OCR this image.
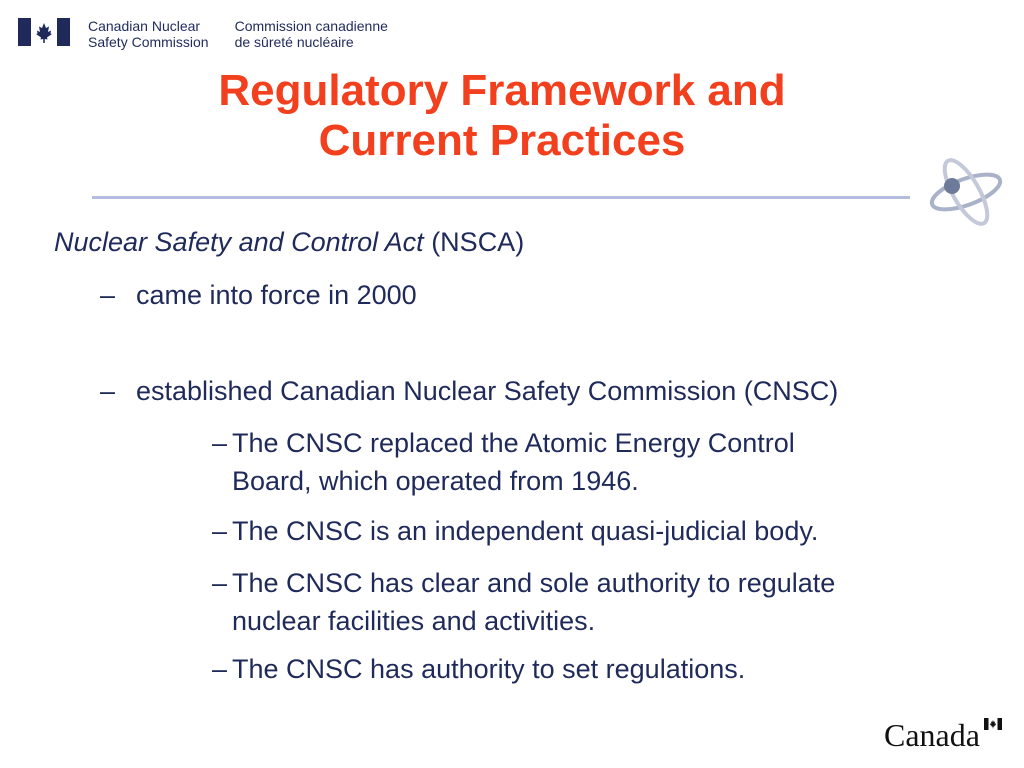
Canadian Nuclear
Safety Commission
Commission canadienne
de sûreté nucléaire
Regulatory Framework and
Current Practices
Nuclear Safety and Control Act (NSCA)
– came into force in 2000
– established Canadian Nuclear Safety Commission (CNSC)
– The CNSC replaced the Atomic Energy Control
Board, which operated from 1946.
– The CNSC is an independent quasi-judicial body.
– The CNSC has clear and sole authority to regulate
nuclear facilities and activities.
– The CNSC has authority to set regulations.
Canada
